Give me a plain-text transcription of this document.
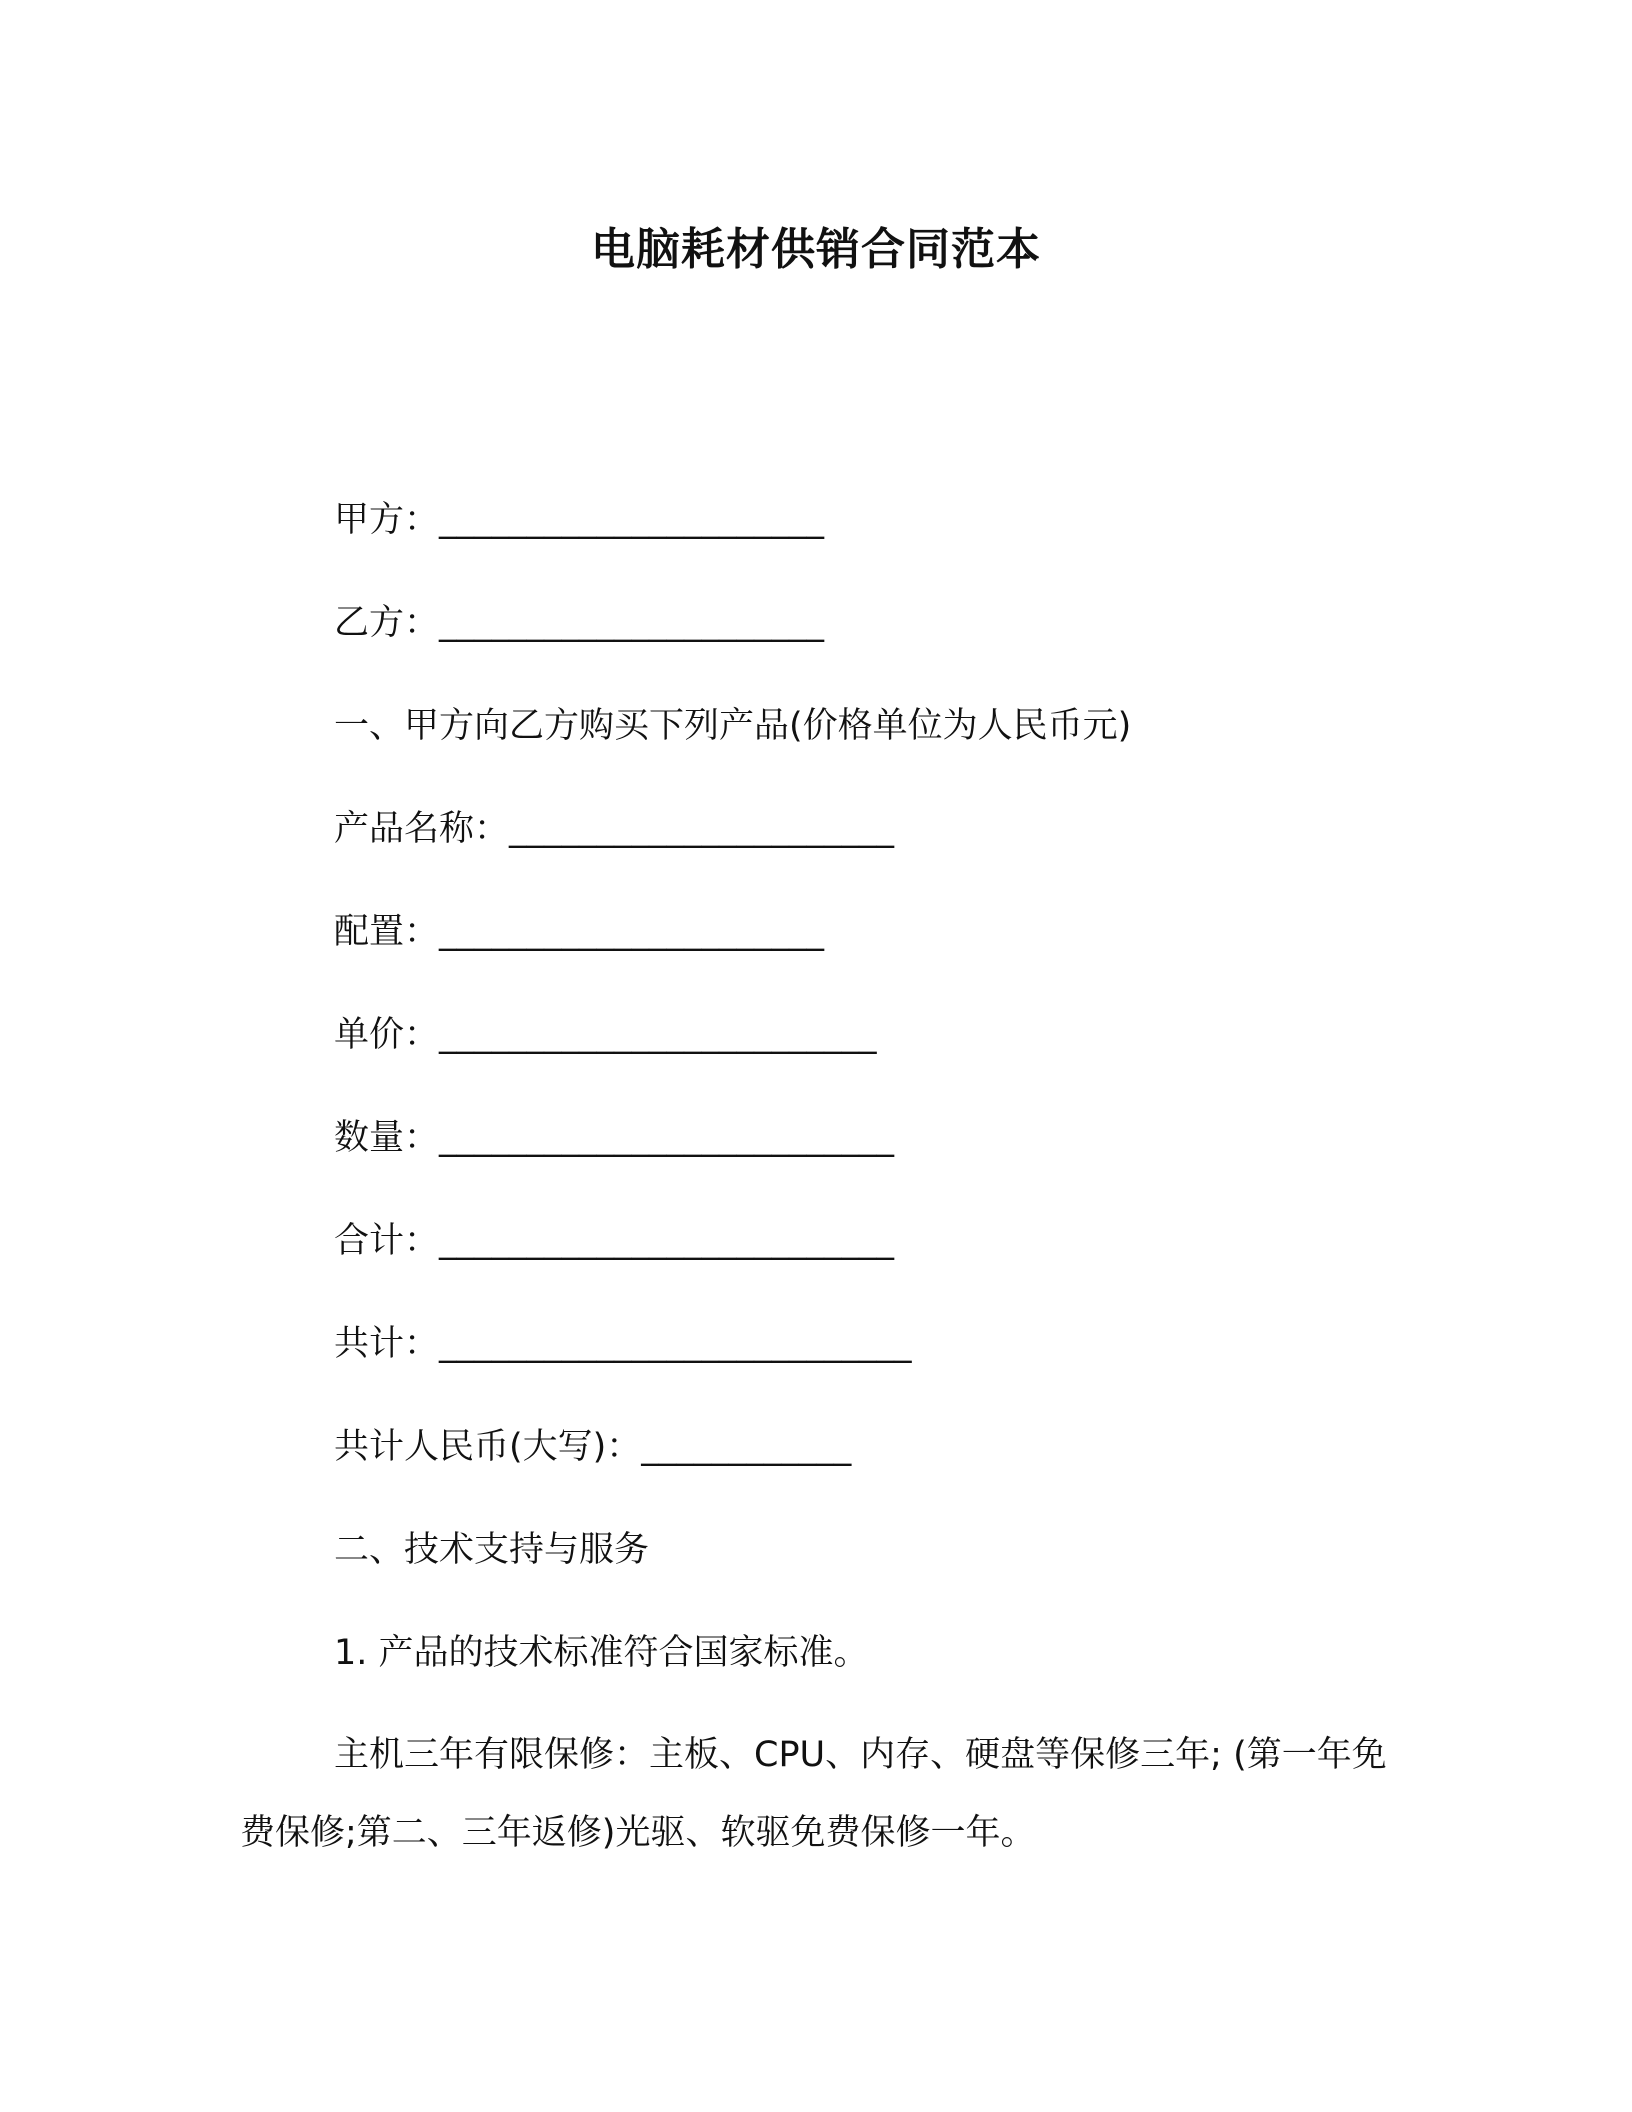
电脑耗材供销合同范本
甲方：______________________
乙方：______________________
一、甲方向乙方购买下列产品(价格单位为人民币元)
产品名称：______________________
配置：______________________
单价：_________________________
数量：__________________________
合计：__________________________
共计：___________________________
共计人民币(大写)：____________
二、技术支持与服务
1. 产品的技术标准符合国家标准。
主机三年有限保修：主板、CPU、内存、硬盘等保修三年; (第一年免费保修;第二、三年返修)光驱、软驱免费保修一年。
